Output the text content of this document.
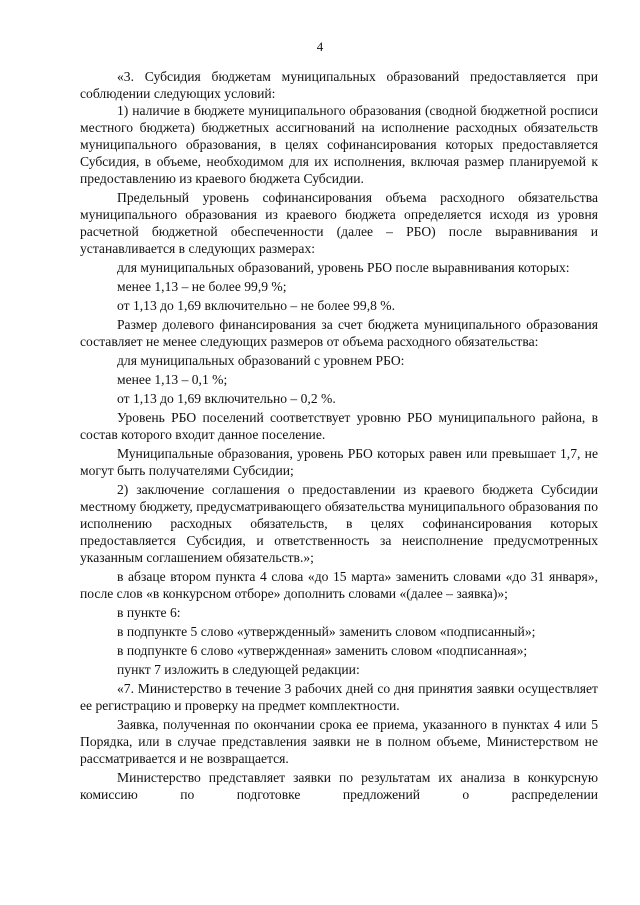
4

«3. Субсидия бюджетам муниципальных образований предоставляется при соблюдении следующих условий:

1) наличие в бюджете муниципального образования (сводной бюджетной росписи местного бюджета) бюджетных ассигнований на исполнение расходных обязательств муниципального образования, в целях софинансирования которых предоставляется Субсидия, в объеме, необходимом для их исполнения, включая размер планируемой к предоставлению из краевого бюджета Субсидии.

Предельный уровень софинансирования объема расходного обязательства муниципального образования из краевого бюджета определяется исходя из уровня расчетной бюджетной обеспеченности (далее – РБО) после выравнивания и устанавливается в следующих размерах:

для муниципальных образований, уровень РБО после выравнивания которых:

менее 1,13 – не более 99,9 %;

от 1,13 до 1,69 включительно – не более 99,8 %.

Размер долевого финансирования за счет бюджета муниципального образования составляет не менее следующих размеров от объема расходного обязательства:

для муниципальных образований с уровнем РБО:

менее 1,13 – 0,1 %;

от 1,13 до 1,69 включительно – 0,2 %.

Уровень РБО поселений соответствует уровню РБО муниципального района, в состав которого входит данное поселение.

Муниципальные образования, уровень РБО которых равен или превышает 1,7, не могут быть получателями Субсидии;

2) заключение соглашения о предоставлении из краевого бюджета Субсидии местному бюджету, предусматривающего обязательства муниципального образования по исполнению расходных обязательств, в целях софинансирования которых предоставляется Субсидия, и ответственность за неисполнение предусмотренных указанным соглашением обязательств.»;

в абзаце втором пункта 4 слова «до 15 марта» заменить словами «до 31 января», после слов «в конкурсном отборе» дополнить словами «(далее – заявка)»;

в пункте 6:

в подпункте 5 слово «утвержденный» заменить словом «подписанный»;

в подпункте 6 слово «утвержденная» заменить словом «подписанная»;

пункт 7 изложить в следующей редакции:

«7. Министерство в течение 3 рабочих дней со дня принятия заявки осуществляет ее регистрацию и проверку на предмет комплектности.

Заявка, полученная по окончании срока ее приема, указанного в пунктах 4 или 5 Порядка, или в случае представления заявки не в полном объеме, Министерством не рассматривается и не возвращается.

Министерство представляет заявки по результатам их анализа в конкурсную комиссию по подготовке предложений о распределении
